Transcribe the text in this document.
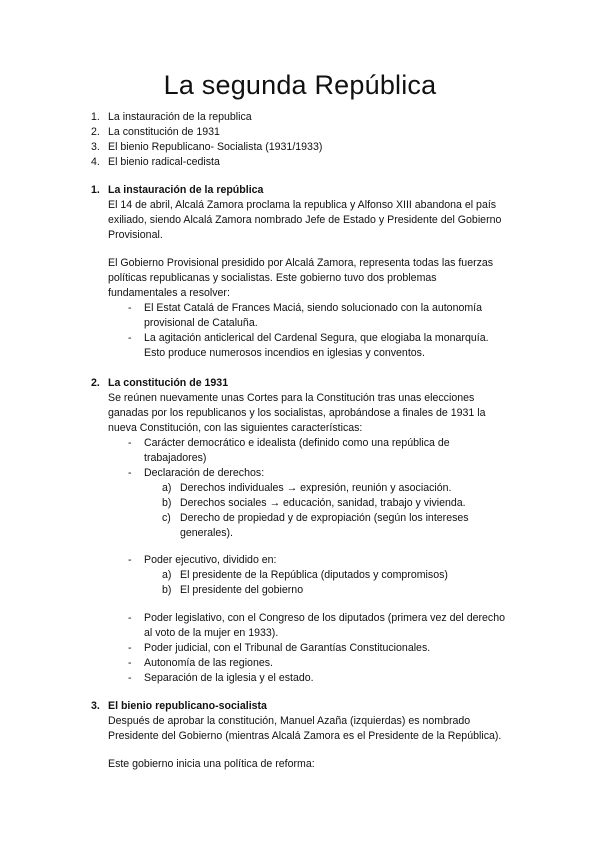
La segunda República
1. La instauración de la republica
2. La constitución de 1931
3. El bienio Republicano- Socialista (1931/1933)
4. El bienio radical-cedista
1. La instauración de la república
El 14 de abril, Alcalá Zamora proclama la republica y Alfonso XIII abandona el país
exiliado, siendo Alcalá Zamora nombrado Jefe de Estado y Presidente del Gobierno
Provisional.
El Gobierno Provisional presidido por Alcalá Zamora, representa todas las fuerzas
políticas republicanas y socialistas. Este gobierno tuvo dos problemas
fundamentales a resolver:
- El Estat Catalá de Frances Maciá, siendo solucionado con la autonomía
provisional de Cataluña.
- La agitación anticlerical del Cardenal Segura, que elogiaba la monarquía.
Esto produce numerosos incendios en iglesias y conventos.
2. La constitución de 1931
Se reúnen nuevamente unas Cortes para la Constitución tras unas elecciones
ganadas por los republicanos y los socialistas, aprobándose a finales de 1931 la
nueva Constitución, con las siguientes características:
- Carácter democrático e idealista (definido como una república de
trabajadores)
- Declaración de derechos:
a) Derechos individuales → expresión, reunión y asociación.
b) Derechos sociales → educación, sanidad, trabajo y vivienda.
c) Derecho de propiedad y de expropiación (según los intereses
generales).
- Poder ejecutivo, dividido en:
a) El presidente de la República (diputados y compromisos)
b) El presidente del gobierno
- Poder legislativo, con el Congreso de los diputados (primera vez del derecho
al voto de la mujer en 1933).
- Poder judicial, con el Tribunal de Garantías Constitucionales.
- Autonomía de las regiones.
- Separación de la iglesia y el estado.
3. El bienio republicano-socialista
Después de aprobar la constitución, Manuel Azaña (izquierdas) es nombrado
Presidente del Gobierno (mientras Alcalá Zamora es el Presidente de la República).
Este gobierno inicia una política de reforma:
